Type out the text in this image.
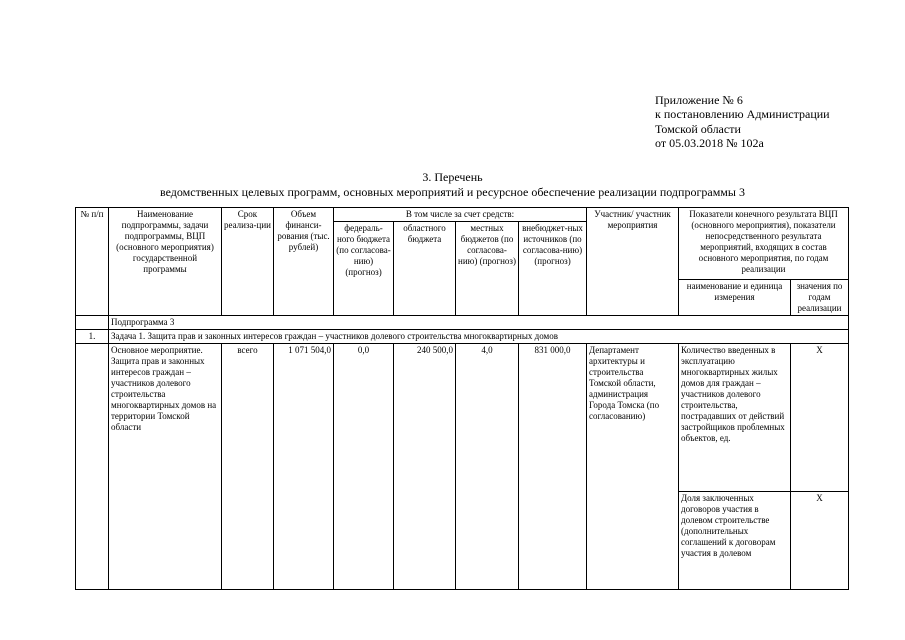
Приложение № 6
к постановлению Администрации
Томской области
от 05.03.2018 № 102а
3. Перечень
ведомственных целевых программ, основных мероприятий и ресурсное обеспечение реализации подпрограммы 3
№ п/п	Наименование подпрограммы, задачи подпрограммы, ВЦП (основного мероприятия) государственной программы	Срок реализа-ции	Объем финанси-рования (тыс. рублей)	В том числе за счет средств:				Участник/ участник мероприятия	Показатели конечного результата ВЦП (основного мероприятия), показатели непосредственного результата мероприятий, входящих в состав основного мероприятия, по годам реализации	
				федераль-ного бюджета (по согласова-нию) (прогноз)	областного бюджета	местных бюджетов (по согласова-нию) (прогноз)	внебюджет-ных источников (по согласова-нию) (прогноз)			
									наименование и единица измерения	значения по годам реализации
	Подпрограмма 3									
1.	Задача 1. Защита прав и законных интересов граждан – участников долевого строительства многоквартирных домов									
	Основное мероприятие. Защита прав и законных интересов граждан – участников долевого строительства многоквартирных домов на территории Томской области	всего	1 071 504,0	0,0	240 500,0	4,0	831 000,0	Департамент архитектуры и строительства Томской области, администрация Города Томска (по согласованию)	Количество введенных в эксплуатацию многоквартирных жилых домов для граждан – участников долевого строительства, пострадавших от действий застройщиков проблемных объектов, ед.	X
									Доля заключенных договоров участия в долевом строительстве (дополнительных соглашений к договорам участия в долевом	X
